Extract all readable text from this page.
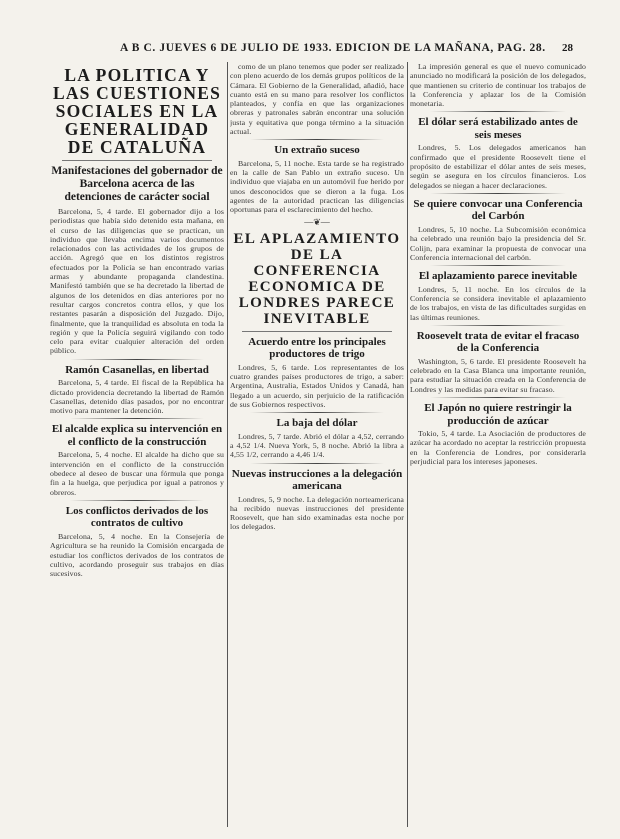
A B C. JUEVES 6 DE JULIO DE 1933. EDICION DE LA MAÑANA, PAG. 28.	28
LA POLITICA Y LAS CUESTIONES SOCIALES EN LA GENERALIDAD DE CATALUÑA
Manifestaciones del gobernador de Barcelona acerca de las detenciones de carácter social

Barcelona, 5, 4 tarde. El gobernador dijo a los periodistas que había sido detenido esta mañana, en el curso de las diligencias que se practican, un individuo que llevaba encima varios documentos relacionados con las actividades de los grupos de acción. Agregó que en los distintos registros efectuados por la Policía se han encontrado varias armas y abundante propaganda clandestina. Manifestó también que se ha decretado la libertad de algunos de los detenidos en días anteriores por no resultar cargos concretos contra ellos, y que los restantes pasarán a disposición del Juzgado. Dijo, finalmente, que la tranquilidad es absoluta en toda la región y que la Policía seguirá vigilando con todo celo para evitar cualquier alteración del orden público.

Ramón Casanellas, en libertad

Barcelona, 5, 4 tarde. El fiscal de la República ha dictado providencia decretando la libertad de Ramón Casanellas, detenido días pasados, por no encontrar motivo para mantener la detención.

El alcalde explica su intervención en el conflicto de la construcción

Barcelona, 5, 4 noche. El alcalde ha dicho que su intervención en el conflicto de la construcción obedece al deseo de buscar una fórmula que ponga fin a la huelga, que perjudica por igual a patronos y obreros.

Los conflictos derivados de los contratos de cultivo

Barcelona, 5, 4 noche. En la Consejería de Agricultura se ha reunido la Comisión encargada de estudiar los conflictos derivados de los contratos de cultivo, acordando proseguir sus trabajos en días sucesivos.

como de un plano tenemos que poder ser realizado con pleno acuerdo de los demás grupos políticos de la Cámara. El Gobierno de la Generalidad, añadió, hace cuanto está en su mano para resolver los conflictos planteados, y confía en que las organizaciones obreras y patronales sabrán encontrar una solución justa y equitativa que ponga término a la situación actual.

Un extraño suceso

Barcelona, 5, 11 noche. Esta tarde se ha registrado en la calle de San Pablo un extraño suceso. Un individuo que viajaba en un automóvil fue herido por unos desconocidos que se dieron a la fuga. Los agentes de la autoridad practican las diligencias oportunas para el esclarecimiento del hecho.

—❦—
EL APLAZAMIENTO DE LA CONFERENCIA ECONOMICA DE LONDRES PARECE INEVITABLE
Acuerdo entre los principales productores de trigo

Londres, 5, 6 tarde. Los representantes de los cuatro grandes países productores de trigo, a saber: Argentina, Australia, Estados Unidos y Canadá, han llegado a un acuerdo, sin perjuicio de la ratificación de sus Gobiernos respectivos.

La baja del dólar

Londres, 5, 7 tarde. Abrió el dólar a 4,52, cerrando a 4,52 1/4. Nueva York, 5, 8 noche. Abrió la libra a 4,55 1/2, cerrando a 4,46 1/4.

Nuevas instrucciones a la delegación americana

Londres, 5, 9 noche. La delegación norteamericana ha recibido nuevas instrucciones del presidente Roosevelt, que han sido examinadas esta noche por los delegados.

La impresión general es que el nuevo comunicado anunciado no modificará la posición de los delegados, que mantienen su criterio de continuar los trabajos de la Conferencia y aplazar los de la Comisión monetaria.

El dólar será estabilizado antes de seis meses

Londres, 5. Los delegados americanos han confirmado que el presidente Roosevelt tiene el propósito de estabilizar el dólar antes de seis meses, según se asegura en los círculos financieros. Los delegados se niegan a hacer declaraciones.

Se quiere convocar una Conferencia del Carbón

Londres, 5, 10 noche. La Subcomisión económica ha celebrado una reunión bajo la presidencia del Sr. Colijn, para examinar la propuesta de convocar una Conferencia internacional del carbón.

El aplazamiento parece inevitable

Londres, 5, 11 noche. En los círculos de la Conferencia se considera inevitable el aplazamiento de los trabajos, en vista de las dificultades surgidas en las últimas reuniones.

Roosevelt trata de evitar el fracaso de la Conferencia

Washington, 5, 6 tarde. El presidente Roosevelt ha celebrado en la Casa Blanca una importante reunión, para estudiar la situación creada en la Conferencia de Londres y las medidas para evitar su fracaso.

El Japón no quiere restringir la producción de azúcar

Tokio, 5, 4 tarde. La Asociación de productores de azúcar ha acordado no aceptar la restricción propuesta en la Conferencia de Londres, por considerarla perjudicial para los intereses japoneses.
